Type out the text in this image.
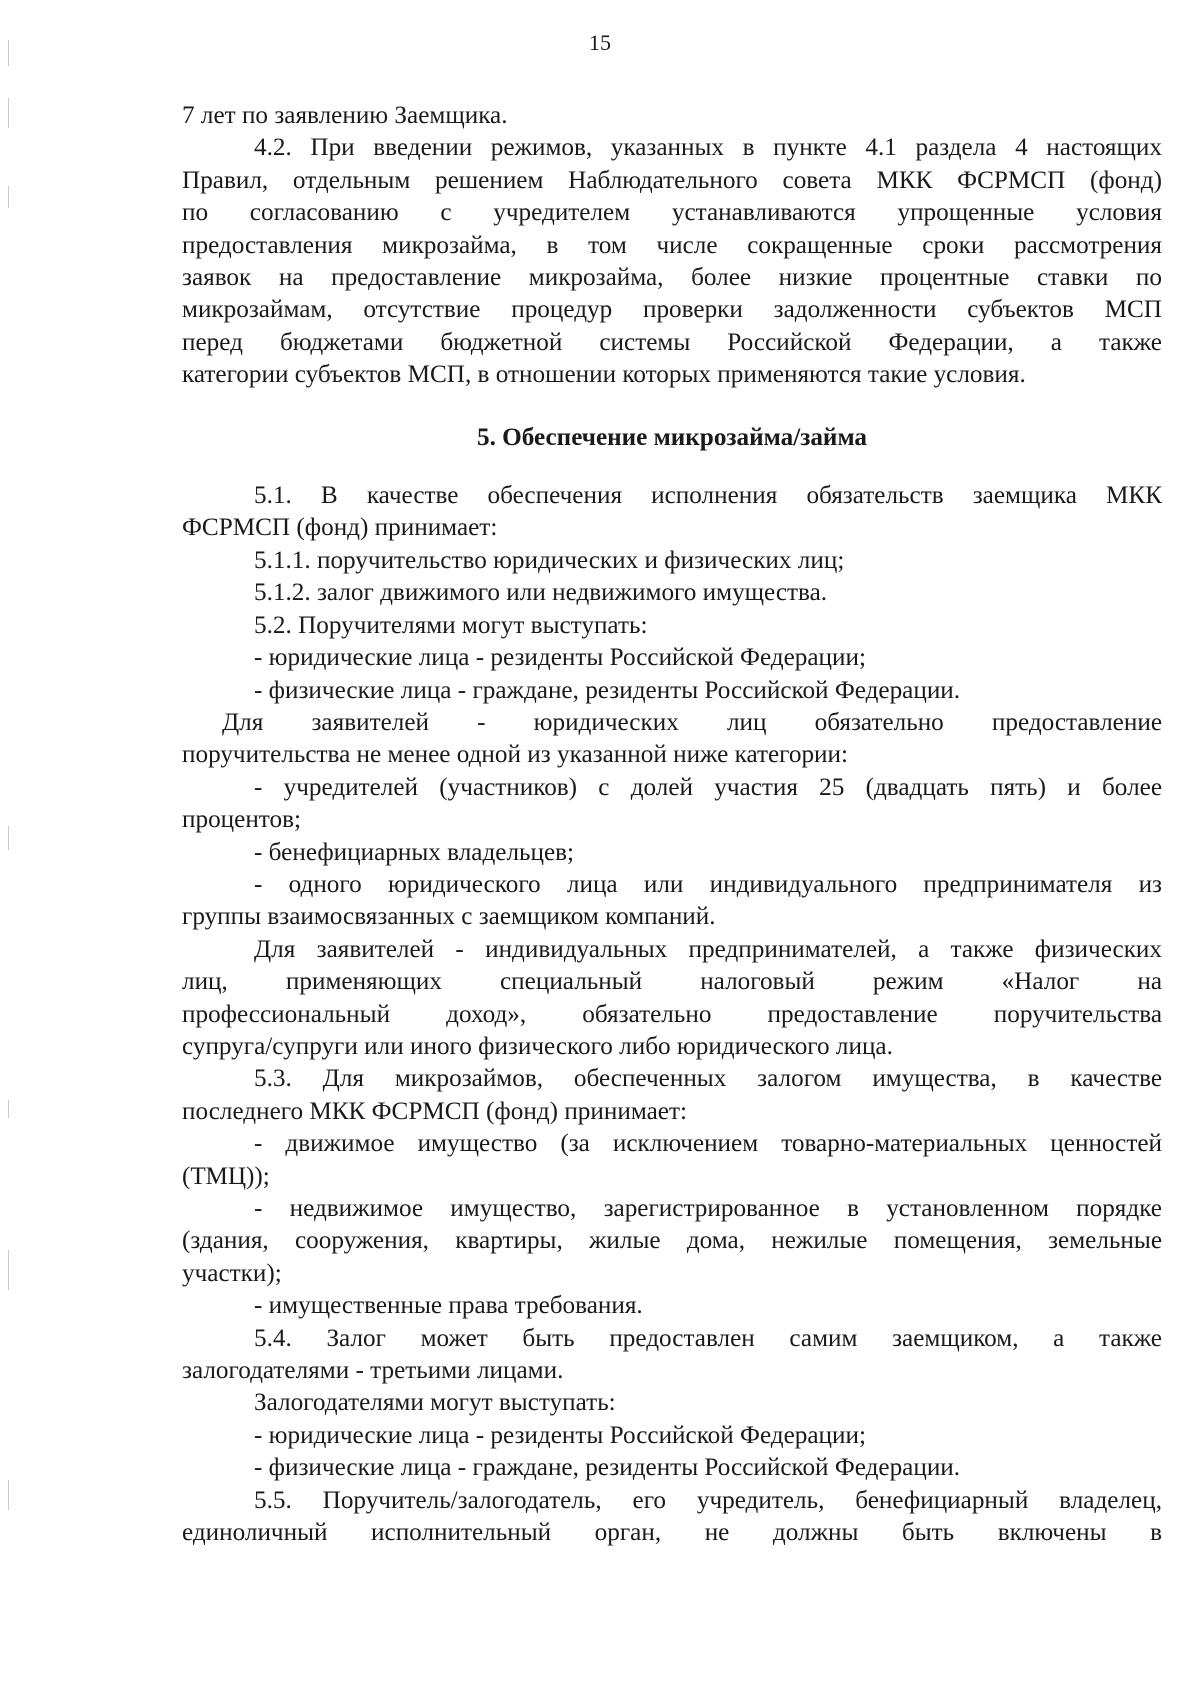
15

7 лет по заявлению Заемщика.

4.2. При введении режимов, указанных в пункте 4.1 раздела 4 настоящих

Правил, отдельным решением Наблюдательного совета МКК ФСРМСП (фонд)

по согласованию с учредителем устанавливаются упрощенные условия

предоставления микрозайма, в том числе сокращенные сроки рассмотрения

заявок на предоставление микрозайма, более низкие процентные ставки по

микрозаймам, отсутствие процедур проверки задолженности субъектов МСП

перед бюджетами бюджетной системы Российской Федерации, а также

категории субъектов МСП, в отношении которых применяются такие условия.

5. Обеспечение микрозайма/займа

5.1. В качестве обеспечения исполнения обязательств заемщика МКК

ФСРМСП (фонд) принимает:

5.1.1. поручительство юридических и физических лиц;

5.1.2. залог движимого или недвижимого имущества.

5.2. Поручителями могут выступать:

- юридические лица - резиденты Российской Федерации;

- физические лица - граждане, резиденты Российской Федерации.

Для заявителей - юридических лиц обязательно предоставление

поручительства не менее одной из указанной ниже категории:

- учредителей (участников) с долей участия 25 (двадцать пять) и более

процентов;

- бенефициарных владельцев;

- одного юридического лица или индивидуального предпринимателя из

группы взаимосвязанных с заемщиком компаний.

Для заявителей - индивидуальных предпринимателей, а также физических

лиц, применяющих специальный налоговый режим «Налог на

профессиональный доход», обязательно предоставление поручительства

супруга/супруги или иного физического либо юридического лица.

5.3. Для микрозаймов, обеспеченных залогом имущества, в качестве

последнего МКК ФСРМСП (фонд) принимает:

- движимое имущество (за исключением товарно-материальных ценностей

(ТМЦ));

- недвижимое имущество, зарегистрированное в установленном порядке

(здания, сооружения, квартиры, жилые дома, нежилые помещения, земельные

участки);

- имущественные права требования.

5.4. Залог может быть предоставлен самим заемщиком, а также

залогодателями - третьими лицами.

Залогодателями могут выступать:

- юридические лица - резиденты Российской Федерации;

- физические лица - граждане, резиденты Российской Федерации.

5.5. Поручитель/залогодатель, его учредитель, бенефициарный владелец,

единоличный исполнительный орган, не должны быть включены в
